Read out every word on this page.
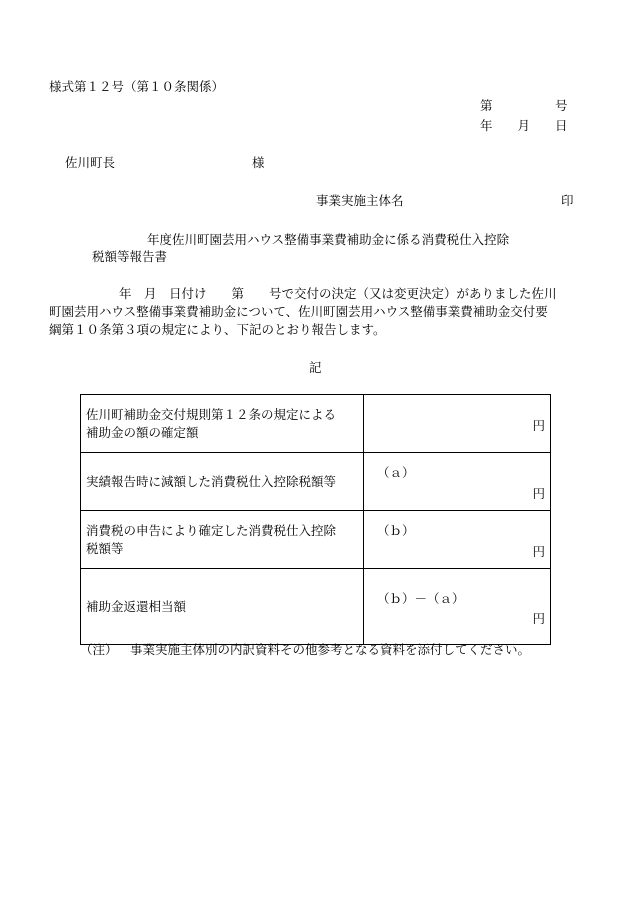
様式第１２号（第１０条関係）
第　　　　　号
年　　月　　日
佐川町長	様
事業実施主体名	印
年度佐川町園芸用ハウス整備事業費補助金に係る消費税仕入控除
税額等報告書
年　月　日付け　　第　　号で交付の決定（又は変更決定）がありました佐川
町園芸用ハウス整備事業費補助金について、佐川町園芸用ハウス整備事業費補助金交付要
綱第１０条第３項の規定により、下記のとおり報告します。
記
佐川町補助金交付規則第１２条の規定による
補助金の額の確定額	円

実績報告時に減額した消費税仕入控除税額等	（ａ）
円

消費税の申告により確定した消費税仕入控除
税額等	（ｂ）
円

補助金返還相当額	（ｂ）－（ａ）
円
（注） 事業実施主体別の内訳資料その他参考となる資料を添付してください。
